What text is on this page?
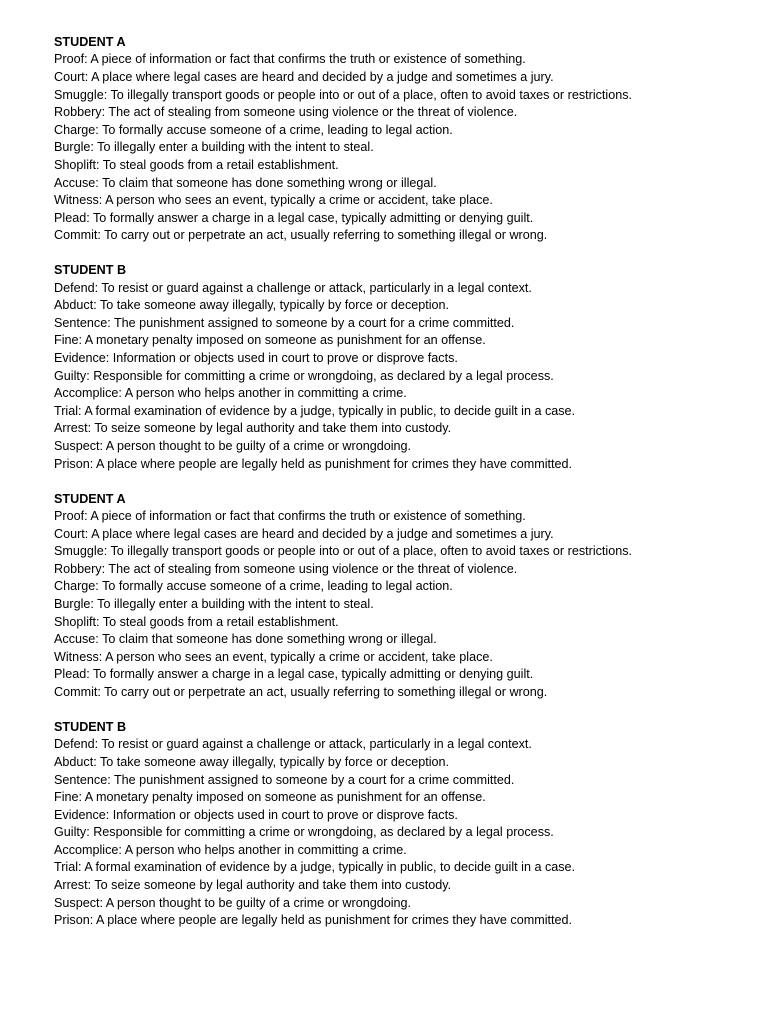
STUDENT A
Proof: A piece of information or fact that confirms the truth or existence of something.
Court: A place where legal cases are heard and decided by a judge and sometimes a jury.
Smuggle: To illegally transport goods or people into or out of a place, often to avoid taxes or restrictions.
Robbery: The act of stealing from someone using violence or the threat of violence.
Charge: To formally accuse someone of a crime, leading to legal action.
Burgle: To illegally enter a building with the intent to steal.
Shoplift: To steal goods from a retail establishment.
Accuse: To claim that someone has done something wrong or illegal.
Witness: A person who sees an event, typically a crime or accident, take place.
Plead: To formally answer a charge in a legal case, typically admitting or denying guilt.
Commit: To carry out or perpetrate an act, usually referring to something illegal or wrong.
STUDENT B
Defend: To resist or guard against a challenge or attack, particularly in a legal context.
Abduct: To take someone away illegally, typically by force or deception.
Sentence: The punishment assigned to someone by a court for a crime committed.
Fine: A monetary penalty imposed on someone as punishment for an offense.
Evidence: Information or objects used in court to prove or disprove facts.
Guilty: Responsible for committing a crime or wrongdoing, as declared by a legal process.
Accomplice: A person who helps another in committing a crime.
Trial: A formal examination of evidence by a judge, typically in public, to decide guilt in a case.
Arrest: To seize someone by legal authority and take them into custody.
Suspect: A person thought to be guilty of a crime or wrongdoing.
Prison: A place where people are legally held as punishment for crimes they have committed.
STUDENT A
Proof: A piece of information or fact that confirms the truth or existence of something.
Court: A place where legal cases are heard and decided by a judge and sometimes a jury.
Smuggle: To illegally transport goods or people into or out of a place, often to avoid taxes or restrictions.
Robbery: The act of stealing from someone using violence or the threat of violence.
Charge: To formally accuse someone of a crime, leading to legal action.
Burgle: To illegally enter a building with the intent to steal.
Shoplift: To steal goods from a retail establishment.
Accuse: To claim that someone has done something wrong or illegal.
Witness: A person who sees an event, typically a crime or accident, take place.
Plead: To formally answer a charge in a legal case, typically admitting or denying guilt.
Commit: To carry out or perpetrate an act, usually referring to something illegal or wrong.
STUDENT B
Defend: To resist or guard against a challenge or attack, particularly in a legal context.
Abduct: To take someone away illegally, typically by force or deception.
Sentence: The punishment assigned to someone by a court for a crime committed.
Fine: A monetary penalty imposed on someone as punishment for an offense.
Evidence: Information or objects used in court to prove or disprove facts.
Guilty: Responsible for committing a crime or wrongdoing, as declared by a legal process.
Accomplice: A person who helps another in committing a crime.
Trial: A formal examination of evidence by a judge, typically in public, to decide guilt in a case.
Arrest: To seize someone by legal authority and take them into custody.
Suspect: A person thought to be guilty of a crime or wrongdoing.
Prison: A place where people are legally held as punishment for crimes they have committed.
